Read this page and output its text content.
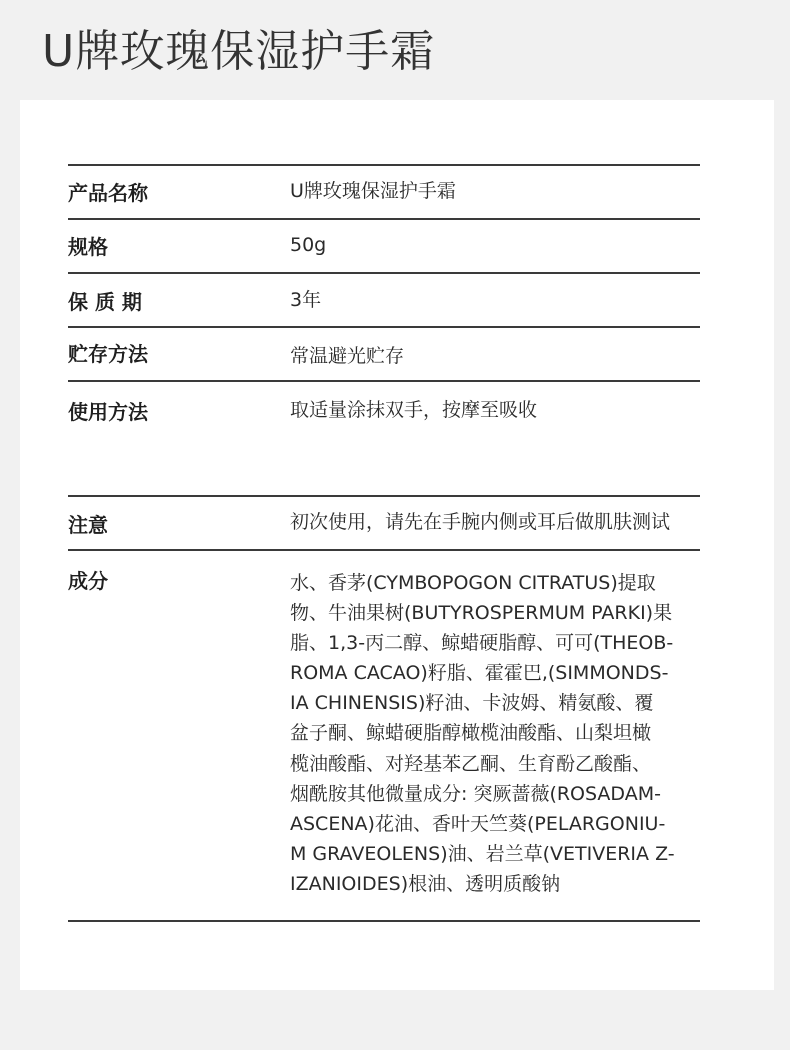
U牌玫瑰保湿护手霜
产品名称	U牌玫瑰保湿护手霜
规格	50g
保 质 期	3年
贮存方法	常温避光贮存
使用方法	取适量涂抹双手，按摩至吸收
注意	初次使用，请先在手腕内侧或耳后做肌肤测试
成分	水、香茅(CYMBOPOGON CITRATUS)提取
物、牛油果树(BUTYROSPERMUM PARKI)果
脂、1,3-丙二醇、鲸蜡硬脂醇、可可(THEOB-
ROMA CACAO)籽脂、霍霍巴,(SIMMONDS-
IA CHINENSIS)籽油、卡波姆、精氨酸、覆
盆子酮、鲸蜡硬脂醇橄榄油酸酯、山梨坦橄
榄油酸酯、对羟基苯乙酮、生育酚乙酸酯、
烟酰胺其他微量成分: 突厥蔷薇(ROSADAM-
ASCENA)花油、香叶天竺葵(PELARGONIU-
M GRAVEOLENS)油、岩兰草(VETIVERIA Z-
IZANIOIDES)根油、透明质酸钠
